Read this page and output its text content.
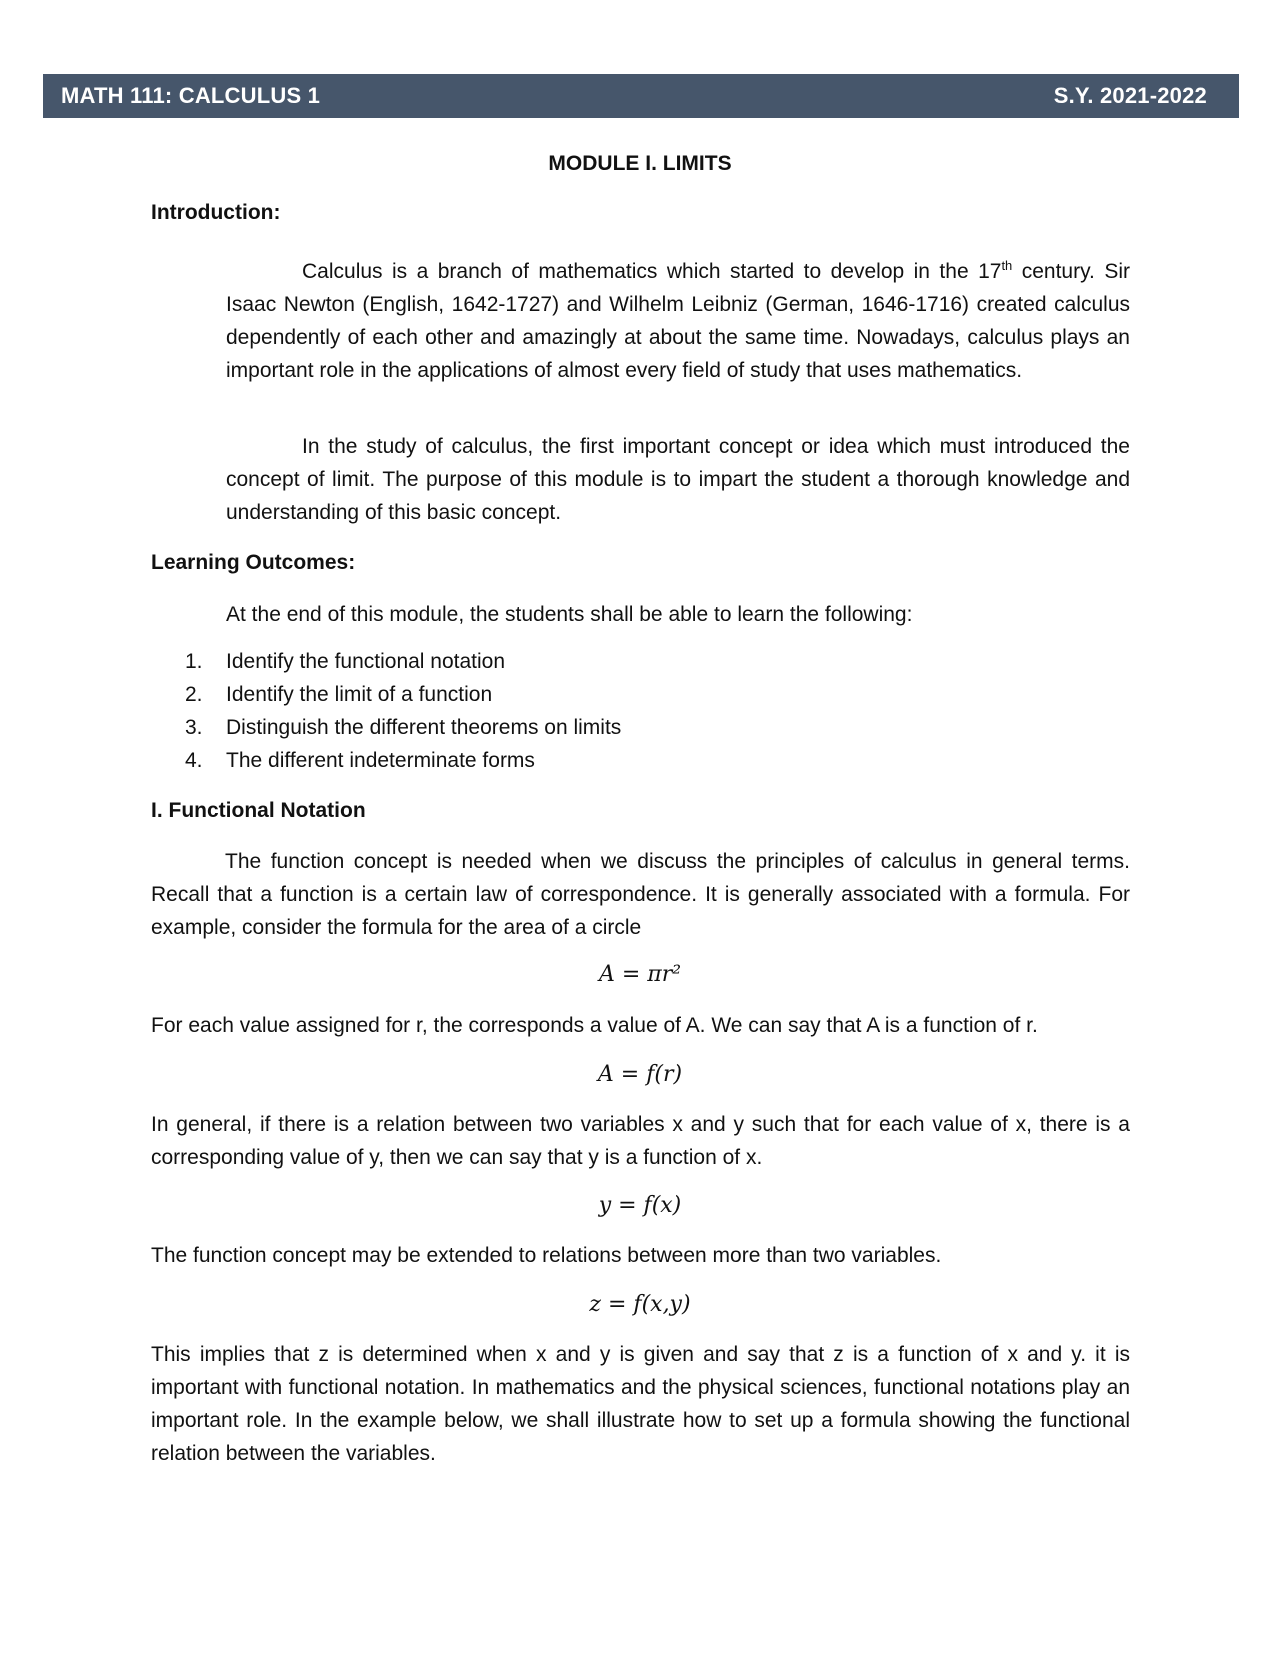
MATH 111: CALCULUS 1	S.Y. 2021-2022
MODULE I. LIMITS
Introduction:
Calculus is a branch of mathematics which started to develop in the 17th century. Sir Isaac Newton (English, 1642-1727) and Wilhelm Leibniz (German, 1646-1716) created calculus dependently of each other and amazingly at about the same time. Nowadays, calculus plays an important role in the applications of almost every field of study that uses mathematics.
In the study of calculus, the first important concept or idea which must introduced the concept of limit. The purpose of this module is to impart the student a thorough knowledge and understanding of this basic concept.
Learning Outcomes:
At the end of this module, the students shall be able to learn the following:
1.	Identify the functional notation
2.	Identify the limit of a function
3.	Distinguish the different theorems on limits
4.	The different indeterminate forms
I. Functional Notation
The function concept is needed when we discuss the principles of calculus in general terms. Recall that a function is a certain law of correspondence. It is generally associated with a formula. For example, consider the formula for the area of a circle
A = πr²
For each value assigned for r, the corresponds a value of A. We can say that A is a function of r.
A = f(r)
In general, if there is a relation between two variables x and y such that for each value of x, there is a corresponding value of y, then we can say that y is a function of x.
y = f(x)
The function concept may be extended to relations between more than two variables.
z = f(x,y)
This implies that z is determined when x and y is given and say that z is a function of x and y. it is important with functional notation. In mathematics and the physical sciences, functional notations play an important role. In the example below, we shall illustrate how to set up a formula showing the functional relation between the variables.
